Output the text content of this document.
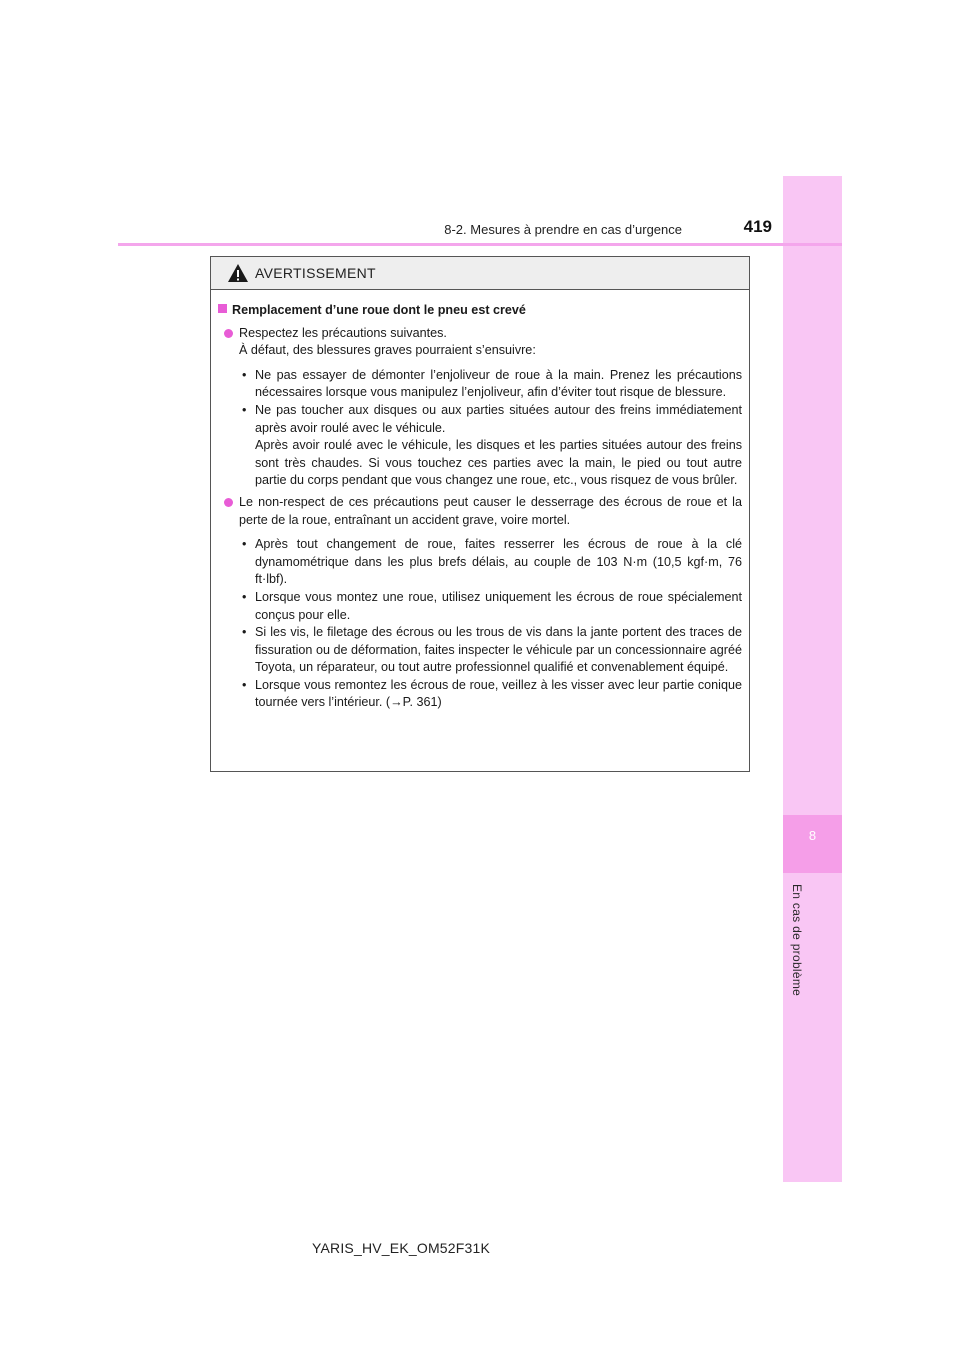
8
En cas de problème
8-2. Mesures à prendre en cas d’urgence	419
AVERTISSEMENT
Remplacement d’une roue dont le pneu est crevé
Respectez les précautions suivantes.
À défaut, des blessures graves pourraient s’ensuivre:
• Ne pas essayer de démonter l’enjoliveur de roue à la main. Prenez les précautions nécessaires lorsque vous manipulez l’enjoliveur, afin d’éviter tout risque de blessure.
• Ne pas toucher aux disques ou aux parties situées autour des freins immédiatement après avoir roulé avec le véhicule.
Après avoir roulé avec le véhicule, les disques et les parties situées autour des freins sont très chaudes. Si vous touchez ces parties avec la main, le pied ou tout autre partie du corps pendant que vous changez une roue, etc., vous risquez de vous brûler.
Le non-respect de ces précautions peut causer le desserrage des écrous de roue et la perte de la roue, entraînant un accident grave, voire mortel.
• Après tout changement de roue, faites resserrer les écrous de roue à la clé dynamométrique dans les plus brefs délais, au couple de 103 N·m (10,5 kgf·m, 76 ft·lbf).
• Lorsque vous montez une roue, utilisez uniquement les écrous de roue spécialement conçus pour elle.
• Si les vis, le filetage des écrous ou les trous de vis dans la jante portent des traces de fissuration ou de déformation, faites inspecter le véhicule par un concessionnaire agréé Toyota, un réparateur, ou tout autre professionnel qualifié et convenablement équipé.
• Lorsque vous remontez les écrous de roue, veillez à les visser avec leur partie conique tournée vers l’intérieur. (→P. 361)
YARIS_HV_EK_OM52F31K
